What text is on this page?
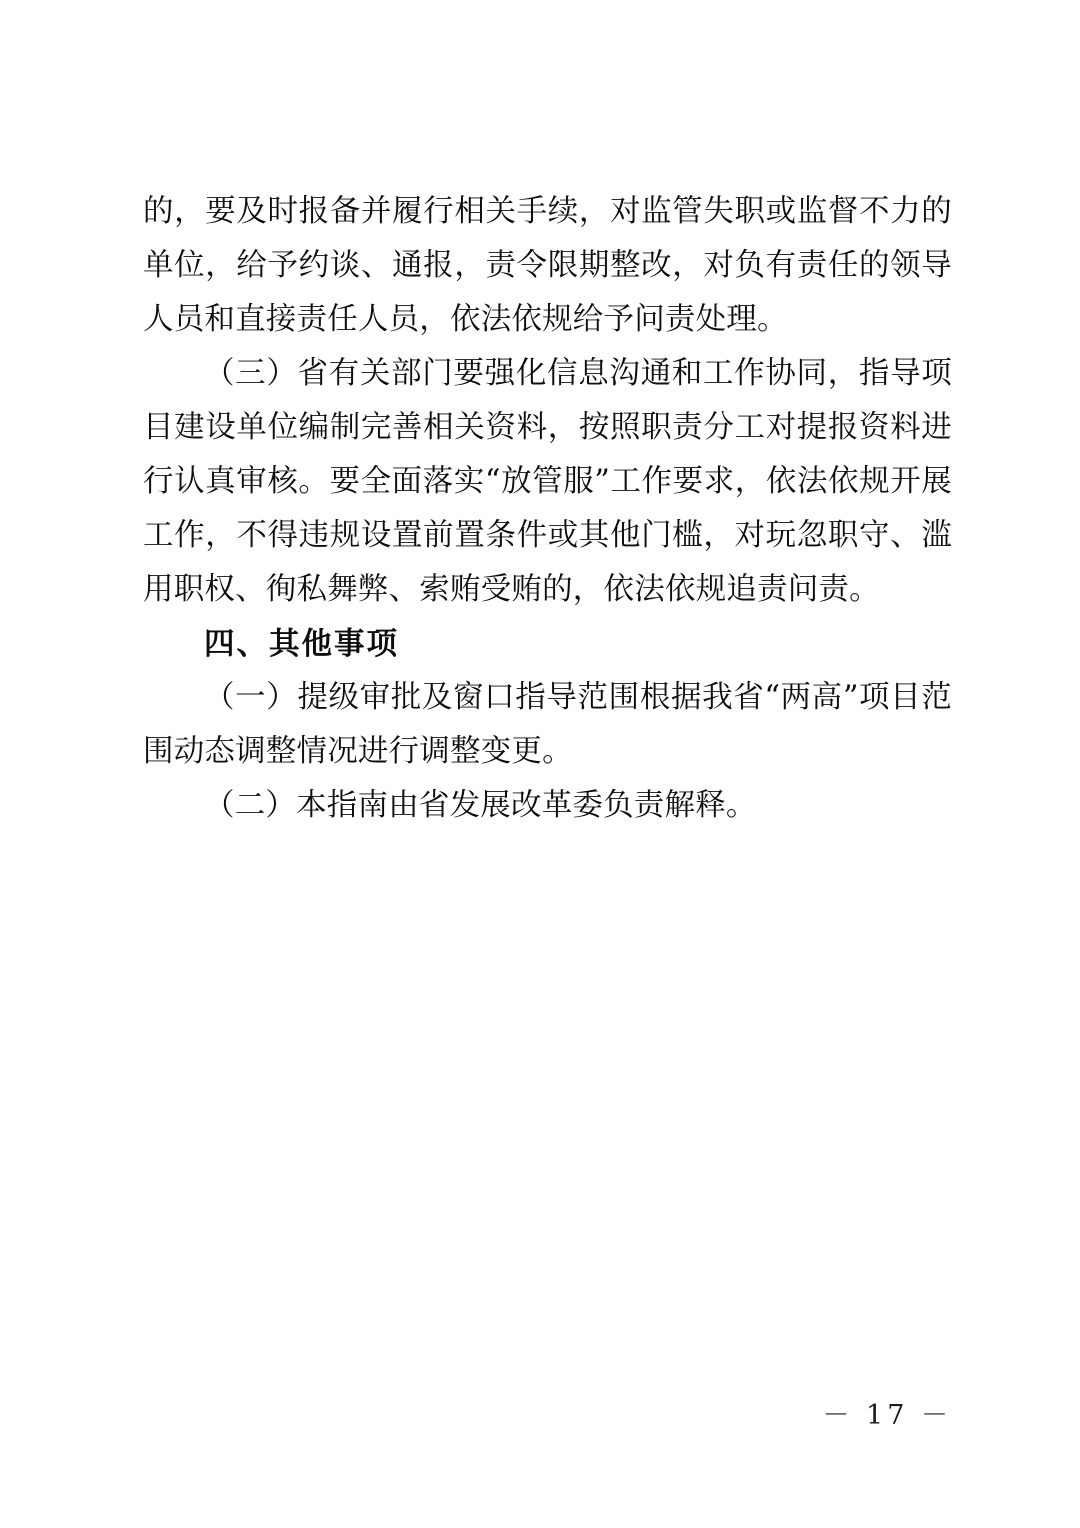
的，要及时报备并履行相关手续，对监管失职或监督不力的单位，给予约谈、通报，责令限期整改，对负有责任的领导人员和直接责任人员，依法依规给予问责处理。

（三）省有关部门要强化信息沟通和工作协同，指导项目建设单位编制完善相关资料，按照职责分工对提报资料进行认真审核。要全面落实“放管服”工作要求，依法依规开展工作，不得违规设置前置条件或其他门槛，对玩忽职守、滥用职权、徇私舞弊、索贿受贿的，依法依规追责问责。

四、其他事项

（一）提级审批及窗口指导范围根据我省“两高”项目范围动态调整情况进行调整变更。

（二）本指南由省发展改革委负责解释。

－ 17 －
